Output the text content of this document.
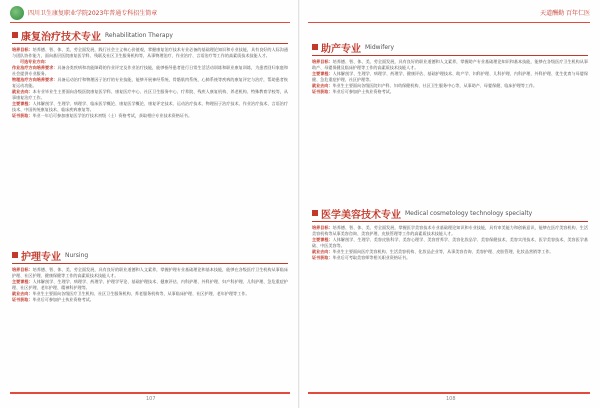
四川卫生康复职业学院2023年普通专科招生简章
康复治疗技术专业 Rehabilitation Therapy

培养目标：培养德、智、体、美、劳全面发展，践行社会主义核心价值观，掌握康复治疗技术专业必备的基础理论知识和专业技能，具有良好的人际沟通与团队协作能力，面向基层医院康复医学科、残联及社区卫生服务机构等，从事物理治疗、作业治疗、言语治疗等工作的高素质技术技能人才。

可选专业方向：

作业治疗方向培养要求：具备各类疾病和功能障碍的作业评定及作业治疗技能，能够指导患者进行日常生活活动训练和职业康复训练，为患者回归家庭和社会提供专业服务。

物理治疗方向培养要求：具备运动治疗和物理因子治疗的专业技能，能够开展神经系统、骨骼肌肉系统、心肺系统等疾病的康复评定与治疗，帮助患者恢复运动功能。

就业去向：本专业毕业生主要面向各级医院康复医学科、康复医疗中心、社区卫生服务中心、疗养院、残疾人康复机构、养老机构、特殊教育学校等，从事康复治疗工作。

主要课程：人体解剖学、生理学、病理学、临床医学概论、康复医学概论、康复评定技术、运动治疗技术、物理因子治疗技术、作业治疗技术、言语治疗技术、中国传统康复技术、临床疾病康复等。

证书获取：毕业一年后可参加康复医学治疗技术初级（士）资格考试，获取相应专业技术资格证书。

护理专业 Nursing

培养目标：培养德、智、体、美、劳全面发展，具有良好的职业道德和人文素养，掌握护理专业基础理论和基本技能，能够在各级医疗卫生机构从事临床护理、社区护理、健康保健等工作的高素质技术技能人才。

主要课程：人体解剖学、生理学、病理学、药理学、护理学导论、基础护理技术、健康评估、内科护理、外科护理、妇产科护理、儿科护理、急危重症护理、社区护理、老年护理、精神科护理等。

就业去向：毕业生主要面向各级医疗卫生机构、社区卫生服务机构、养老服务机构等，从事临床护理、社区护理、老年护理等工作。

证书获取：毕业后可参加护士执业资格考试。

107
天道酬勤 百年仁医
助产专业 Midwifery

培养目标：培养德、智、体、美、劳全面发展，具有良好的职业道德和人文素养，掌握助产专业基础理论知识和基本技能，能够在各级医疗卫生机构从事助产、母婴保健及临床护理等工作的高素质技术技能人才。

主要课程：人体解剖学、生理学、病理学、药理学、健康评估、基础护理技术、助产学、妇科护理、儿科护理、内科护理、外科护理、优生优育与母婴保健、急危重症护理、社区护理等。

就业去向：毕业生主要面向各级医院妇产科、妇幼保健机构、社区卫生服务中心等，从事助产、母婴保健、临床护理等工作。

证书获取：毕业后可参加护士执业资格考试。

医学美容技术专业 Medical cosmetology technology specialty

培养目标：培养德、智、体、美、劳全面发展，掌握医学美容技术专业基础理论知识和专业技能，具有审美能力和创新意识，能够在医疗美容机构、生活美容机构等从事美容咨询、美容护理、皮肤管理等工作的高素质技术技能人才。

主要课程：人体解剖学、生理学、美容皮肤科学、美容心理学、美容营养学、美容化妆品学、美容保健技术、美容实用技术、医学美容技术、美容医学基础、中医美容等。

就业去向：毕业生主要面向医疗美容机构、生活美容机构、化妆品企业等，从事美容咨询、美容护理、皮肤管理、化妆品营销等工作。

证书获取：毕业后可考取美容师等相关职业资格证书。

108
